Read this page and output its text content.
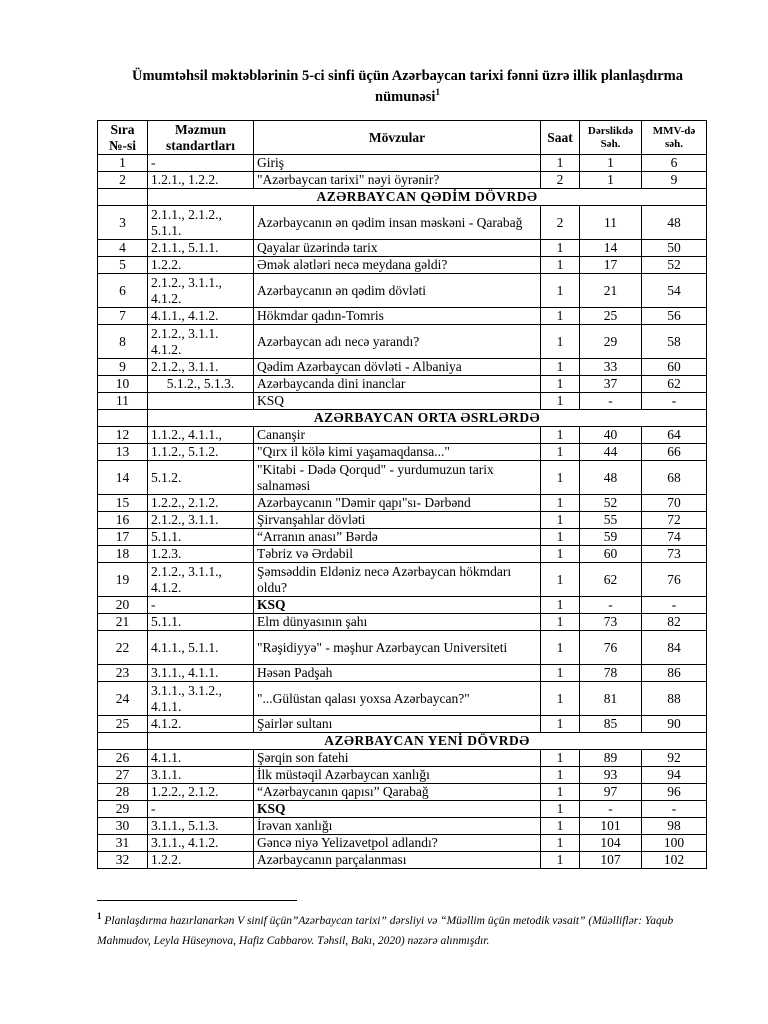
Ümumtəhsil məktəblərinin 5-ci sinfi üçün Azərbaycan tarixi fənni üzrə illik planlaşdırma
nümunəsi$^1$
Sıra №-si	Məzmun standartları	Mövzular	Saat	Dərslikdə Səh.	MMV-də səh.
1	-	Giriş	1	1	6
2	1.2.1., 1.2.2.	"Azərbaycan tarixi" nəyi öyrənir?	2	1	9
	AZƏRBAYCAN QƏDİM DÖVRDƏ				
3	2.1.1., 2.1.2., 5.1.1.	Azərbaycanın ən qədim insan məskəni - Qarabağ	2	11	48
4	2.1.1., 5.1.1.	Qayalar üzərində tarix	1	14	50
5	1.2.2.	Əmək alətləri necə meydana gəldi?	1	17	52
6	2.1.2., 3.1.1., 4.1.2.	Azərbaycanın ən qədim dövləti	1	21	54
7	4.1.1., 4.1.2.	Hökmdar qadın-Tomris	1	25	56
8	2.1.2., 3.1.1. 4.1.2.	Azərbaycan adı necə yarandı?	1	29	58
9	2.1.2., 3.1.1.	Qədim Azərbaycan dövləti - Albaniya	1	33	60
10	5.1.2., 5.1.3.	Azərbaycanda dini inanclar	1	37	62
11		KSQ	1	-	-
	AZƏRBAYCAN ORTA ƏSRLƏRDƏ				
12	1.1.2., 4.1.1.,	Cananşir	1	40	64
13	1.1.2., 5.1.2.	"Qırx il kölə kimi yaşamaqdansa..."	1	44	66
14	5.1.2.	"Kitabi - Dədə Qorqud" - yurdumuzun tarix salnaməsi	1	48	68
15	1.2.2., 2.1.2.	Azərbaycanın "Dəmir qapı"sı- Dərbənd	1	52	70
16	2.1.2., 3.1.1.	Şirvanşahlar dövləti	1	55	72
17	5.1.1.	“Arranın anası” Bərdə	1	59	74
18	1.2.3.	Təbriz və Ərdəbil	1	60	73
19	2.1.2., 3.1.1., 4.1.2.	Şəmsəddin Eldəniz necə Azərbaycan hökmdarı oldu?	1	62	76
20	-	KSQ	1	-	-
21	5.1.1.	Elm dünyasının şahı	1	73	82
22	4.1.1., 5.1.1.	"Rəşidiyyə" - məşhur Azərbaycan Universiteti	1	76	84
23	3.1.1., 4.1.1.	Həsən Padşah	1	78	86
24	3.1.1., 3.1.2., 4.1.1.	"...Gülüstan qalası yoxsa Azərbaycan?"	1	81	88
25	4.1.2.	Şairlər sultanı	1	85	90
	AZƏRBAYCAN YENİ DÖVRDƏ				
26	4.1.1.	Şərqin son fatehi	1	89	92
27	3.1.1.	İlk müstəqil Azərbaycan xanlığı	1	93	94
28	1.2.2., 2.1.2.	“Azərbaycanın qapısı” Qarabağ	1	97	96
29	-	KSQ	1	-	-
30	3.1.1., 5.1.3.	İrəvan xanlığı	1	101	98
31	3.1.1., 4.1.2.	Gəncə niyə Yelizavetpol adlandı?	1	104	100
32	1.2.2.	Azərbaycanın parçalanması	1	107	102
$^1$ Planlaşdırma hazırlanarkən V sinif üçün”Azərbaycan tarixi” dərsliyi və “Müəllim üçün metodik vəsait” (Müəlliflər: Yaqub Mahmudov, Leyla Hüseynova, Hafiz Cabbarov. Təhsil, Bakı, 2020) nəzərə alınmışdır.
